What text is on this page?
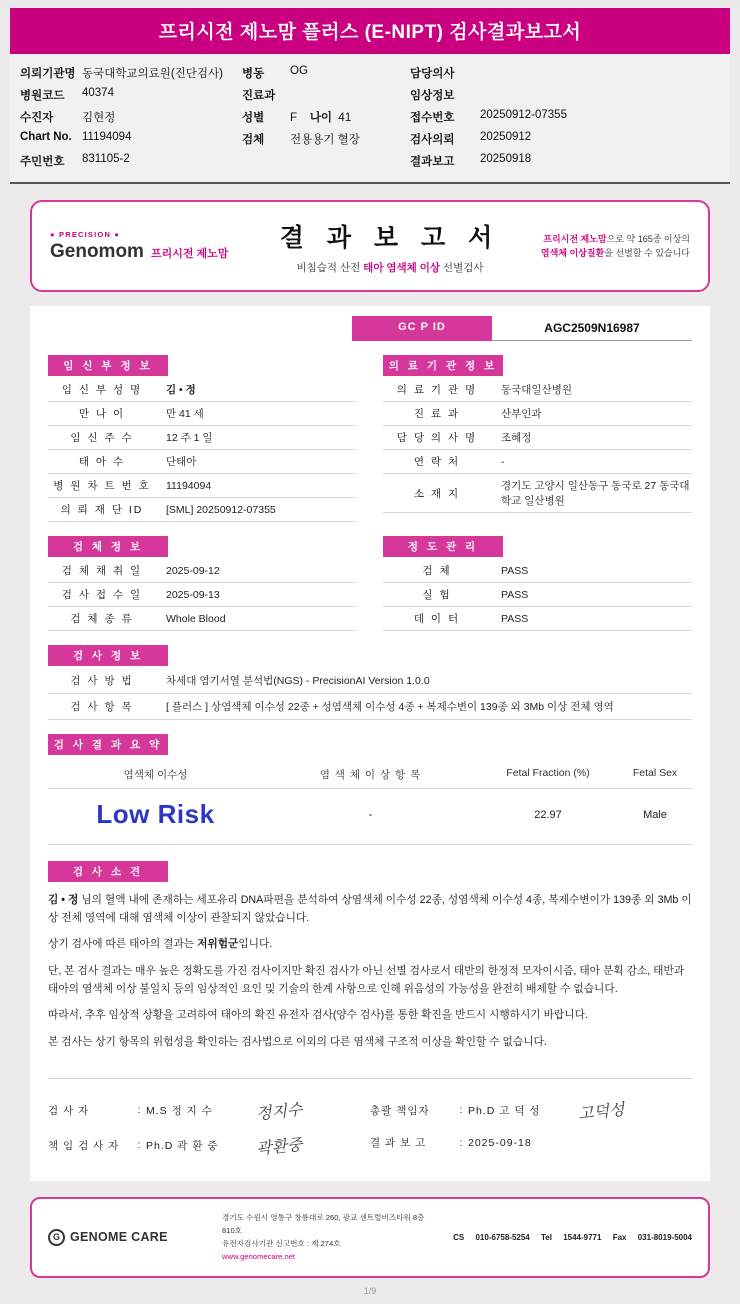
프리시전 제노맘 플러스 (E-NIPT) 검사결과보고서
의뢰기관명	동국대학교의료원(진단검사)	병동	OG	담당의사	
병원코드	40374	진료과		임상정보	
수진자	김현정	성별	F 나이 41	접수번호	20250912-07355
Chart No.	11194094	검체	전용용기 혈장	검사의뢰	20250912
주민번호	831105-2			결과보고	20250918
● PRECISION ●
Genomom 프리시전 제노맘
결 과 보 고 서
비침습적 산전 태아 염색체 이상 선별검사
프리시전 제노맘으로 약 165종 이상의
염색체 이상질환을 선별할 수 있습니다
GC P ID	AGC2509N16987
임 신 부 정 보
임 신 부 성 명	김 • 정
만 나 이	만 41 세
임 신 주 수	12 주 1 일
태 아 수	단태아
병 원 차 트 번 호	11194094
의 뢰 재 단 ID	[SML] 20250912-07355
의 료 기 관 정 보
의 료 기 관 명	동국대일산병원
진 료 과	산부인과
담 당 의 사 명	조혜정
연 락 처	-
소 재 지	경기도 고양시 일산동구 동국로 27 동국대학교 일산병원
검 체 정 보
검 체 채 취 일	2025-09-12
검 사 접 수 일	2025-09-13
검 체 종 류	Whole Blood
정 도 관 리
검 체	PASS
실 험	PASS
데 이 터	PASS
검 사 정 보
검 사 방 법	차세대 염기서열 분석법(NGS) - PrecisionAI Version 1.0.0
검 사 항 목	[ 플러스 ] 상염색체 이수성 22종 + 성염색체 이수성 4종 + 복제수변이 139종 외 3Mb 이상 전체 영역
검 사 결 과 요 약
염색체 이수성	염 색 체 이 상 항 목	Fetal Fraction (%)	Fetal Sex
Low Risk	-	22.97	Male
검 사 소 견

김 • 정 님의 혈액 내에 존재하는 세포유리 DNA파편을 분석하여 상염색체 이수성 22종, 성염색체 이수성 4종, 복제수변이가 139종 외 3Mb 이상 전체 영역에 대해 염색체 이상이 관찰되지 않았습니다.

상기 검사에 따른 태아의 결과는 저위험군입니다.

단, 본 검사 결과는 매우 높은 정확도를 가진 검사이지만 확진 검사가 아닌 선별 검사로서 태반의 한정적 모자이시즘, 태아 분획 감소, 태반과 태아의 염색체 이상 불일치 등의 임상적인 요인 및 기술의 한계 사항으로 인해 위음성의 가능성을 완전히 배제할 수 없습니다.

따라서, 추후 임상적 상황을 고려하여 태아의 확진 유전자 검사(양수 검사)를 통한 확진을 반드시 시행하시기 바랍니다.

본 검사는 상기 항목의 위험성을 확인하는 검사법으로 이외의 다른 염색체 구조적 이상을 확인할 수 없습니다.

검 사 자	: M.S 정 지 수	정지수
책 임 검 사 자	: Ph.D 곽 환 중	곽환중
총괄 책임자	: Ph.D 고 덕 성	고덕성
결 과 보 고	: 2025-09-18
G GENOME CARE
경기도 수원시 영통구 창룡대로 260, 광교 센트럴비즈타워 8층 810호
유전자검사기관 신고번호 : 제 274호
www.genomecare.net
CS 010-6758-5254 Tel 1544-9771 Fax 031-8019-5004
1/9
